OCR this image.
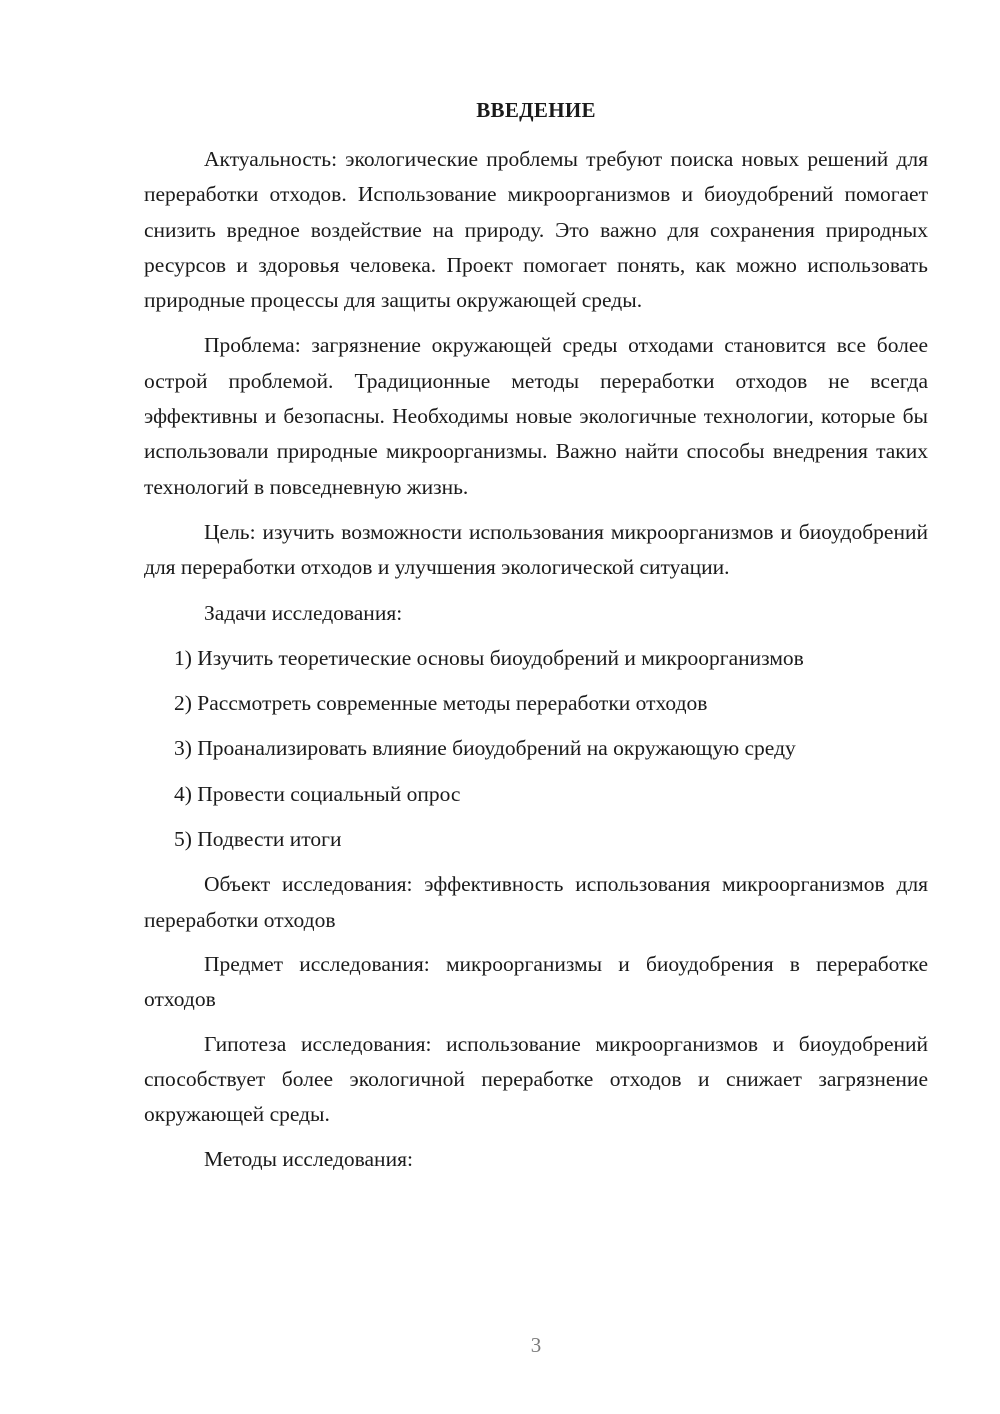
ВВЕДЕНИЕ

Актуальность: экологические проблемы требуют поиска новых решений для переработки отходов. Использование микроорганизмов и биоудобрений помогает снизить вредное воздействие на природу. Это важно для сохранения природных ресурсов и здоровья человека. Проект помогает понять, как можно использовать природные процессы для защиты окружающей среды.

Проблема: загрязнение окружающей среды отходами становится все более острой проблемой. Традиционные методы переработки отходов не всегда эффективны и безопасны. Необходимы новые экологичные технологии, которые бы использовали природные микроорганизмы. Важно найти способы внедрения таких технологий в повседневную жизнь.

Цель: изучить возможности использования микроорганизмов и биоудобрений для переработки отходов и улучшения экологической ситуации.

Задачи исследования:

1) Изучить теоретические основы биоудобрений и микроорганизмов

2) Рассмотреть современные методы переработки отходов

3) Проанализировать влияние биоудобрений на окружающую среду

4) Провести социальный опрос

5) Подвести итоги

Объект исследования: эффективность использования микроорганизмов для переработки отходов

Предмет исследования: микроорганизмы и биоудобрения в переработке отходов

Гипотеза исследования: использование микроорганизмов и биоудобрений способствует более экологичной переработке отходов и снижает загрязнение окружающей среды.

Методы исследования:

3
